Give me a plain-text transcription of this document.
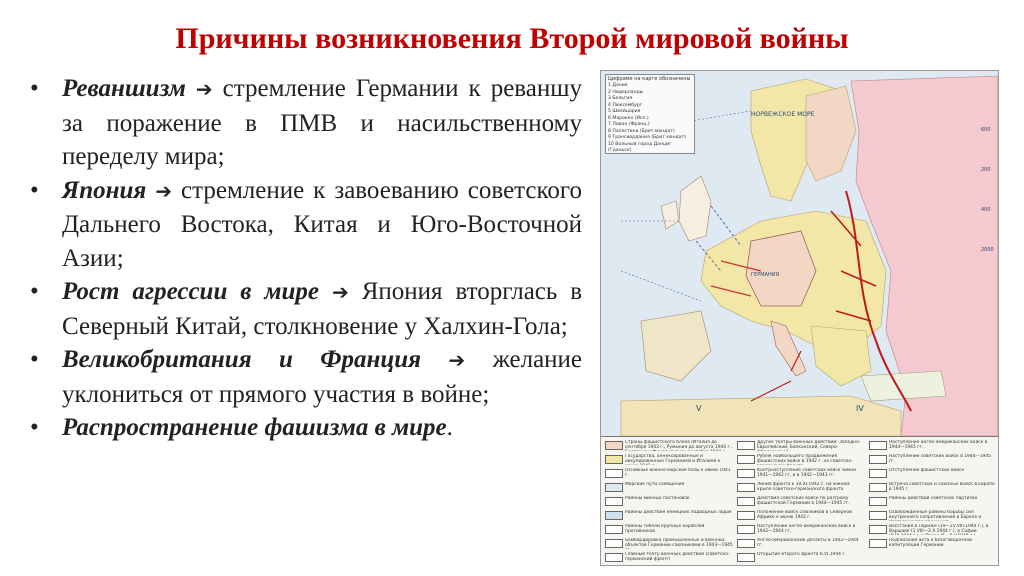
Причины возникновения Второй мировой войны
• Реваншизм ➔ стремление Германии к реваншу за поражение в ПМВ и насильственному переделу мира;
• Япония ➔ стремление к завоеванию советского Дальнего Востока, Китая и Юго-Восточной Азии;
• Рост агрессии в мире ➔ Япония вторглась в Северный Китай, столкновение у Халхин-Гола;
• Великобритания и Франция ➔ желание уклониться от прямого участия в войне;
• Распространение фашизма в мире.
НОРВЕЖСКОЕ МОРЕ
ГЕРМАНИЯ
IV
V
600
200
400
2000
Цифрами на карте обозначены
1 Дания
2 Нидерланды
3 Бельгия
4 Люксембург
5 Швейцария
6 Марокко (Исп.)
7 Ливан (Франц.)
8 Палестина (Брит.мандат)
9 Трансиордания (Брит.мандат)
10 Вольный город Данциг (Гданьск)
Страны фашистского блока (Италия до сентября 1943 г., Румыния до августа 1944 г.,
Государства, аннексированные и оккупированные Германией и Италией к
Основные военно-морские базы к июню 1941 г.
Морские пути сообщения
Районы минных постановок
Районы действия немецких подводных лодок
Районы гибели крупных кораблей противников
Бомбардировка промышленных и военных объектов Германии союзниками в 1943—1945
Главный театр военных действий (советско-германский фронт)
Другие театры военных действий: Западно-Европейский, Балканский, Северо-
Рубеж наибольшего продвижения фашистских войск в 1942 г. на советско-
Контрнаступление советских войск зимой 1941—1942 гг. и в 1942—1943 гг.
Линия фронта к 19.XI.1942 г. на южном крыле советско-германского фронта
Действия советских войск по разгрому фашистской Германии в 1944—1945 гг.
Положение войск союзников в Северной Африке к июню 1942 г.
Наступление англо-американских войск в 1942—1944 гг.
Англо-американские десанты в 1942—1944 гг.
Открытие второго фронта 6.VI.1944 г.
Наступление англо-американских войск в 1944—1945 гг.
Наступление советских войск в 1944—1945 гг.
Отступление фашистских войск
Встреча советских и союзных войск в Европе в 1945 г.
Районы действий советских партизан
Освобождённые районы борьбы сил внутреннего сопротивления в Европе и
Восстания в Париже (19—25.VIII.1944 г.), в Варшаве (1.VIII—2.X.1944 г.), в Софии
Подписание акта о безоговорочной капитуляции Германии
